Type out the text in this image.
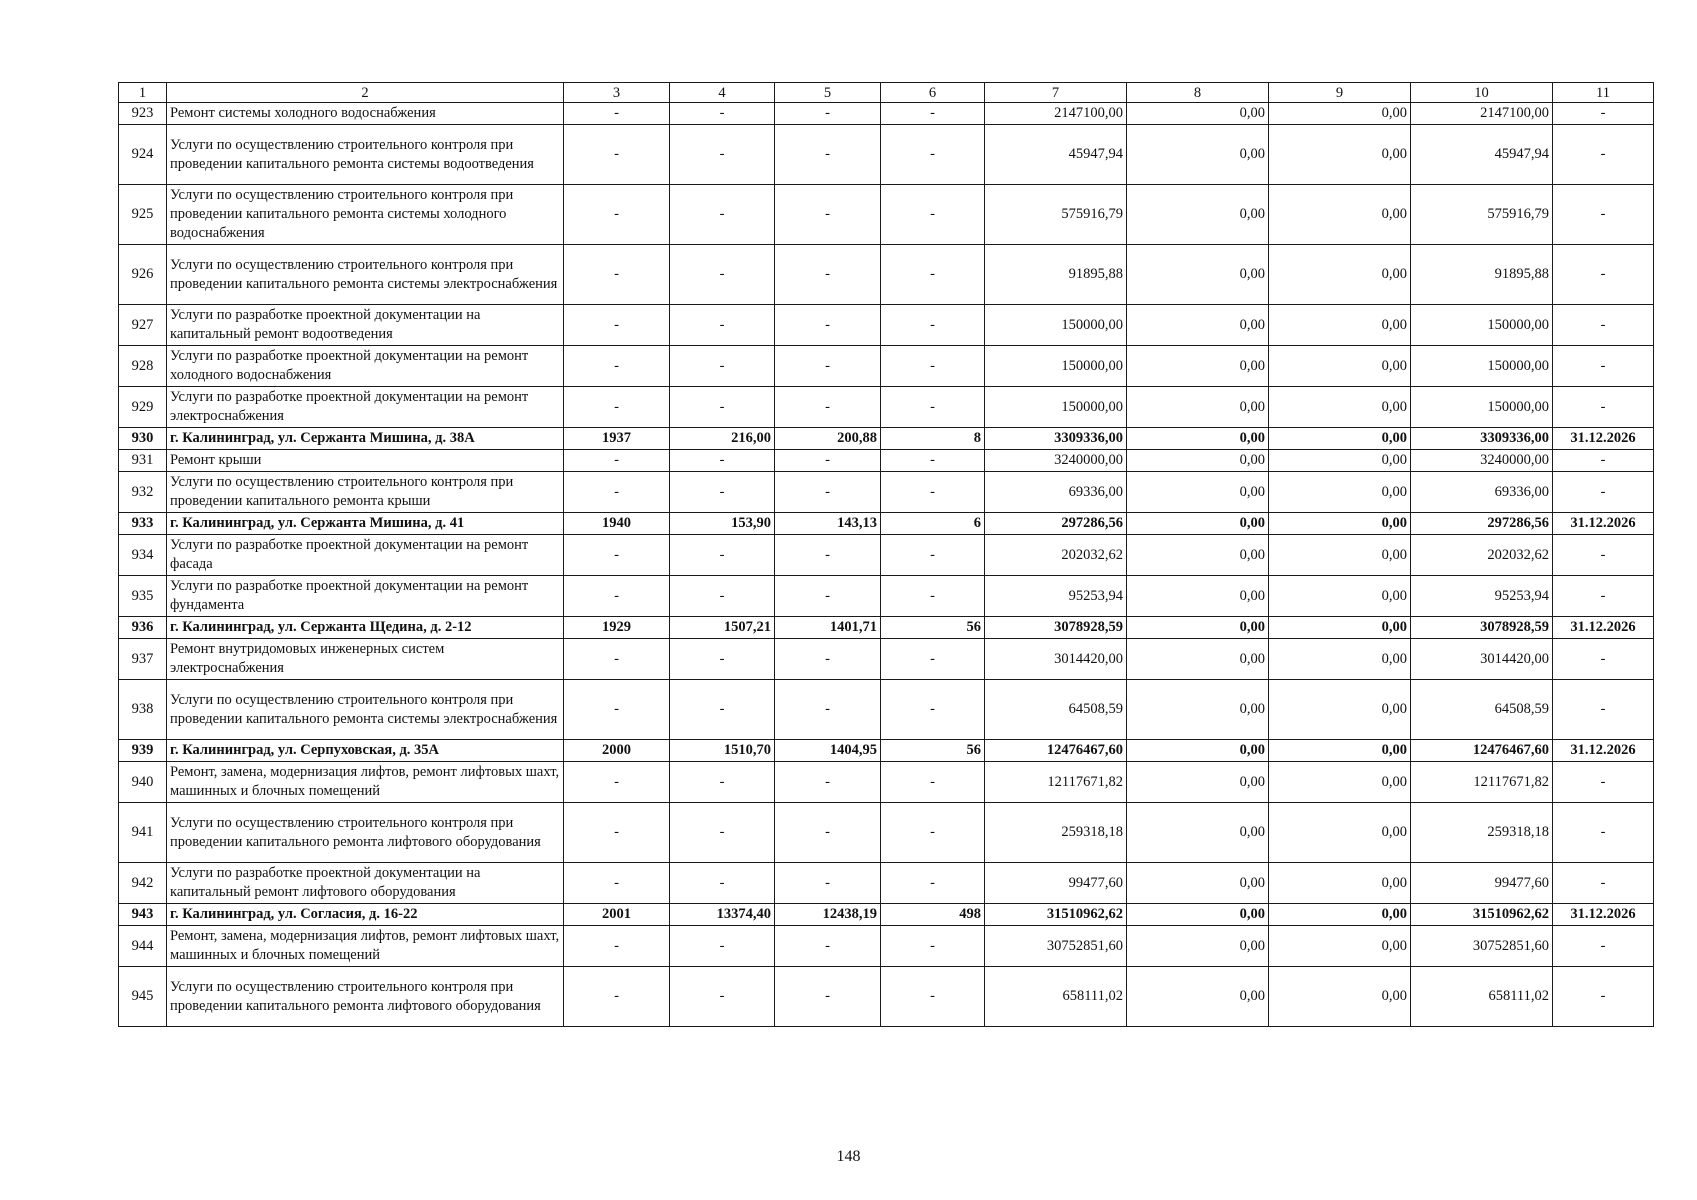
1	2	3	4	5	6	7	8	9	10	11
923	Ремонт системы холодного водоснабжения	-	-	-	-	2147100,00	0,00	0,00	2147100,00	-
924	Услуги по осуществлению строительного контроля при проведении капитального ремонта системы водоотведения	-	-	-	-	45947,94	0,00	0,00	45947,94	-
925	Услуги по осуществлению строительного контроля при проведении капитального ремонта системы холодного водоснабжения	-	-	-	-	575916,79	0,00	0,00	575916,79	-
926	Услуги по осуществлению строительного контроля при проведении капитального ремонта системы электроснабжения	-	-	-	-	91895,88	0,00	0,00	91895,88	-
927	Услуги по разработке проектной документации на капитальный ремонт водоотведения	-	-	-	-	150000,00	0,00	0,00	150000,00	-
928	Услуги по разработке проектной документации на ремонт холодного водоснабжения	-	-	-	-	150000,00	0,00	0,00	150000,00	-
929	Услуги по разработке проектной документации на ремонт электроснабжения	-	-	-	-	150000,00	0,00	0,00	150000,00	-
930	г. Калининград, ул. Сержанта Мишина, д. 38А	1937	216,00	200,88	8	3309336,00	0,00	0,00	3309336,00	31.12.2026
931	Ремонт крыши	-	-	-	-	3240000,00	0,00	0,00	3240000,00	-
932	Услуги по осуществлению строительного контроля при проведении капитального ремонта крыши	-	-	-	-	69336,00	0,00	0,00	69336,00	-
933	г. Калининград, ул. Сержанта Мишина, д. 41	1940	153,90	143,13	6	297286,56	0,00	0,00	297286,56	31.12.2026
934	Услуги по разработке проектной документации на ремонт фасада	-	-	-	-	202032,62	0,00	0,00	202032,62	-
935	Услуги по разработке проектной документации на ремонт фундамента	-	-	-	-	95253,94	0,00	0,00	95253,94	-
936	г. Калининград, ул. Сержанта Щедина, д. 2-12	1929	1507,21	1401,71	56	3078928,59	0,00	0,00	3078928,59	31.12.2026
937	Ремонт внутридомовых инженерных систем электроснабжения	-	-	-	-	3014420,00	0,00	0,00	3014420,00	-
938	Услуги по осуществлению строительного контроля при проведении капитального ремонта системы электроснабжения	-	-	-	-	64508,59	0,00	0,00	64508,59	-
939	г. Калининград, ул. Серпуховская, д. 35А	2000	1510,70	1404,95	56	12476467,60	0,00	0,00	12476467,60	31.12.2026
940	Ремонт, замена, модернизация лифтов, ремонт лифтовых шахт, машинных и блочных помещений	-	-	-	-	12117671,82	0,00	0,00	12117671,82	-
941	Услуги по осуществлению строительного контроля при проведении капитального ремонта лифтового оборудования	-	-	-	-	259318,18	0,00	0,00	259318,18	-
942	Услуги по разработке проектной документации на капитальный ремонт лифтового оборудования	-	-	-	-	99477,60	0,00	0,00	99477,60	-
943	г. Калининград, ул. Согласия, д. 16-22	2001	13374,40	12438,19	498	31510962,62	0,00	0,00	31510962,62	31.12.2026
944	Ремонт, замена, модернизация лифтов, ремонт лифтовых шахт, машинных и блочных помещений	-	-	-	-	30752851,60	0,00	0,00	30752851,60	-
945	Услуги по осуществлению строительного контроля при проведении капитального ремонта лифтового оборудования	-	-	-	-	658111,02	0,00	0,00	658111,02	-
148
